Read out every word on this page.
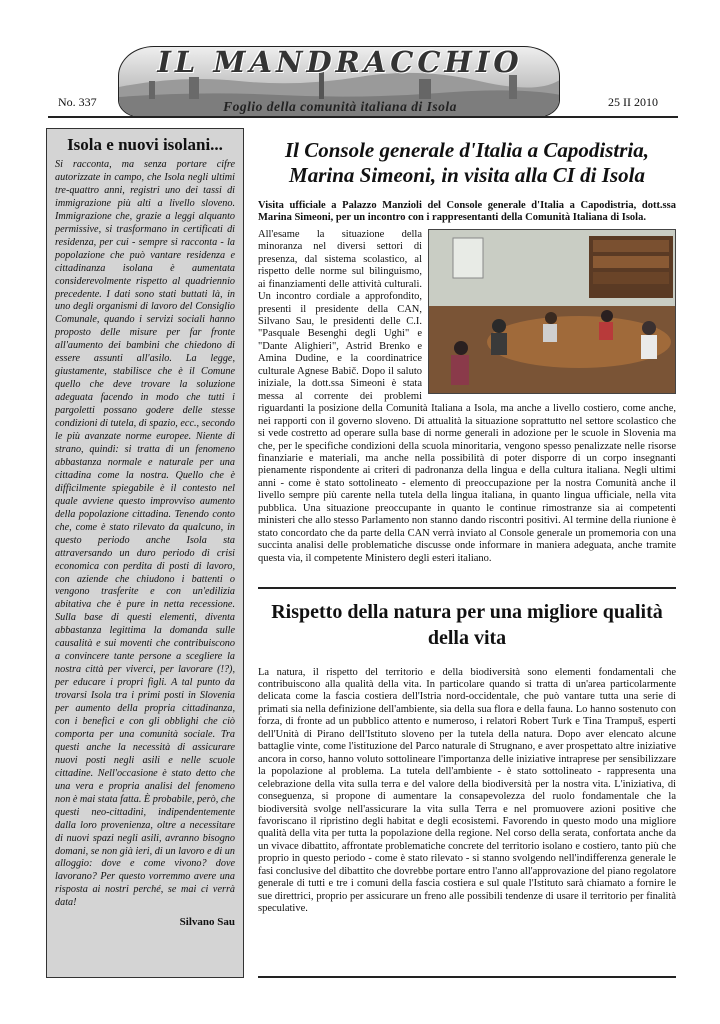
No. 337
IL MANDRACCHIO
Foglio della comunità italiana di Isola	25 II 2010
Isola e nuovi isolani...

Si racconta, ma senza portare cifre autorizzate in campo, che Isola negli ultimi tre-quattro anni, registri uno dei tassi di immigrazione più alti a livello sloveno. Immigrazione che, grazie a leggi alquanto permissive, si trasformano in certificati di residenza, per cui - sempre si racconta - la popolazione che può vantare residenza e cittadinanza isolana è aumentata considerevolmente rispetto al quadriennio precedente. I dati sono stati buttati là, in uno degli organismi di lavoro del Consiglio Comunale, quando i servizi sociali hanno proposto delle misure per far fronte all'aumento dei bambini che chiedono di essere assunti all'asilo. La legge, giustamente, stabilisce che è il Comune quello che deve trovare la soluzione adeguata facendo in modo che tutti i pargoletti possano godere delle stesse condizioni di tutela, di spazio, ecc., secondo le più avanzate norme europee. Niente di strano, quindi: si tratta di un fenomeno abbastanza normale e naturale per una cittadina come la nostra. Quello che è difficilmente spiegabile è il contesto nel quale avviene questo improvviso aumento della popolazione cittadina. Tenendo conto che, come è stato rilevato da qualcuno, in questo periodo anche Isola sta attraversando un duro periodo di crisi economica con perdita di posti di lavoro, con aziende che chiudono i battenti o vengono trasferite e con un'edilizia abitativa che è pure in netta recessione. Sulla base di questi elementi, diventa abbastanza legittima la domanda sulle causalità e sui moventi che contribuiscono a convincere tante persone a scegliere la nostra città per viverci, per lavorare (!?), per educare i propri figli. A tal punto da trovarsi Isola tra i primi posti in Slovenia per aumento della propria cittadinanza, con i benefici e con gli obblighi che ciò comporta per una comunità sociale. Tra questi anche la necessità di assicurare nuovi posti negli asili e nelle scuole cittadine. Nell'occasione è stato detto che una vera e propria analisi del fenomeno non è mai stata fatta. È probabile, però, che questi neo-cittadini, indipendentemente dalla loro provenienza, oltre a necessitare di nuovi spazi negli asili, avranno bisogno domani, se non già ieri, di un lavoro e di un alloggio: dove e come vivono? dove lavorano? Per questo vorremmo avere una risposta ai nostri perché, se mai ci verrà data!

Silvano Sau
Il Console generale d'Italia a Capodistria, Marina Simeoni, in visita alla CI di Isola

Visita ufficiale a Palazzo Manzioli del Console generale d'Italia a Capodistria, dott.ssa Marina Simeoni, per un incontro con i rappresentanti della Comunità Italiana di Isola.

All'esame la situazione della minoranza nel diversi settori di presenza, dal sistema scolastico, al rispetto delle norme sul bilinguismo, ai finanziamenti delle attività culturali. Un incontro cordiale a approfondito, presenti il presidente della CAN, Silvano Sau, le presidenti delle C.I. "Pasquale Besenghi degli Ughi" e "Dante Alighieri", Astrid Brenko e Amina Dudine, e la coordinatrice culturale Agnese Babič. Dopo il saluto iniziale, la dott.ssa Simeoni è stata messa al corrente dei problemi riguardanti la posizione della Comunità Italiana a Isola, ma anche a livello costiero, come anche, nei rapporti con il governo sloveno. Di attualità la situazione soprattutto nel settore scolastico che si vede costretto ad operare sulla base di norme generali in adozione per le scuole in Slovenia ma che, per le specifiche condizioni della scuola minoritaria, vengono spesso penalizzate nelle risorse finanziarie e materiali, ma anche nella possibilità di poter disporre di un corpo insegnanti pienamente rispondente ai criteri di padronanza della lingua e della cultura italiana. Negli ultimi anni - come è stato sottolineato - elemento di preoccupazione per la nostra Comunità anche il livello sempre più carente nella tutela della lingua italiana, in quanto lingua ufficiale, nella vita pubblica. Una situazione preoccupante in quanto le continue rimostranze sia ai competenti ministeri che allo stesso Parlamento non stanno dando riscontri positivi. Al termine della riunione è stato concordato che da parte della CAN verrà inviato al Console generale un promemoria con una succinta analisi delle problematiche discusse onde informare in maniera adeguata, anche tramite questa via, il competente Ministero degli esteri italiano.
Rispetto della natura per una migliore qualità della vita

La natura, il rispetto del territorio e della biodiversità sono elementi fondamentali che contribuiscono alla qualità della vita. In particolare quando si tratta di un'area particolarmente delicata come la fascia costiera dell'Istria nord-occidentale, che può vantare tutta una serie di primati sia nella definizione dell'ambiente, sia della sua flora e della fauna. Lo hanno sostenuto con forza, di fronte ad un pubblico attento e numeroso, i relatori Robert Turk e Tina Trampuš, esperti dell'Unità di Pirano dell'Istituto sloveno per la tutela della natura. Dopo aver elencato alcune battaglie vinte, come l'istituzione del Parco naturale di Strugnano, e aver prospettato altre iniziative ancora in corso, hanno voluto sottolineare l'importanza delle iniziative intraprese per sensibilizzare la popolazione al problema. La tutela dell'ambiente - è stato sottolineato - rappresenta una celebrazione della vita sulla terra e del valore della biodiversità per la nostra vita. L'iniziativa, di conseguenza, si propone di aumentare la consapevolezza del ruolo fondamentale che la biodiversità svolge nell'assicurare la vita sulla Terra e nel promuovere azioni positive che favoriscano il ripristino degli habitat e degli ecosistemi. Favorendo in questo modo una migliore qualità della vita per tutta la popolazione della regione. Nel corso della serata, confortata anche da un vivace dibattito, affrontate problematiche concrete del territorio isolano e costiero, tanto più che proprio in questo periodo - come è stato rilevato - si stanno svolgendo nell'indifferenza generale le fasi conclusive del dibattito che dovrebbe portare entro l'anno all'approvazione del piano regolatore generale di tutti e tre i comuni della fascia costiera e sul quale l'Istituto sarà chiamato a fornire le sue direttrici, proprio per assicurare un freno alle possibili tendenze di usare il territorio per finalità speculative.
